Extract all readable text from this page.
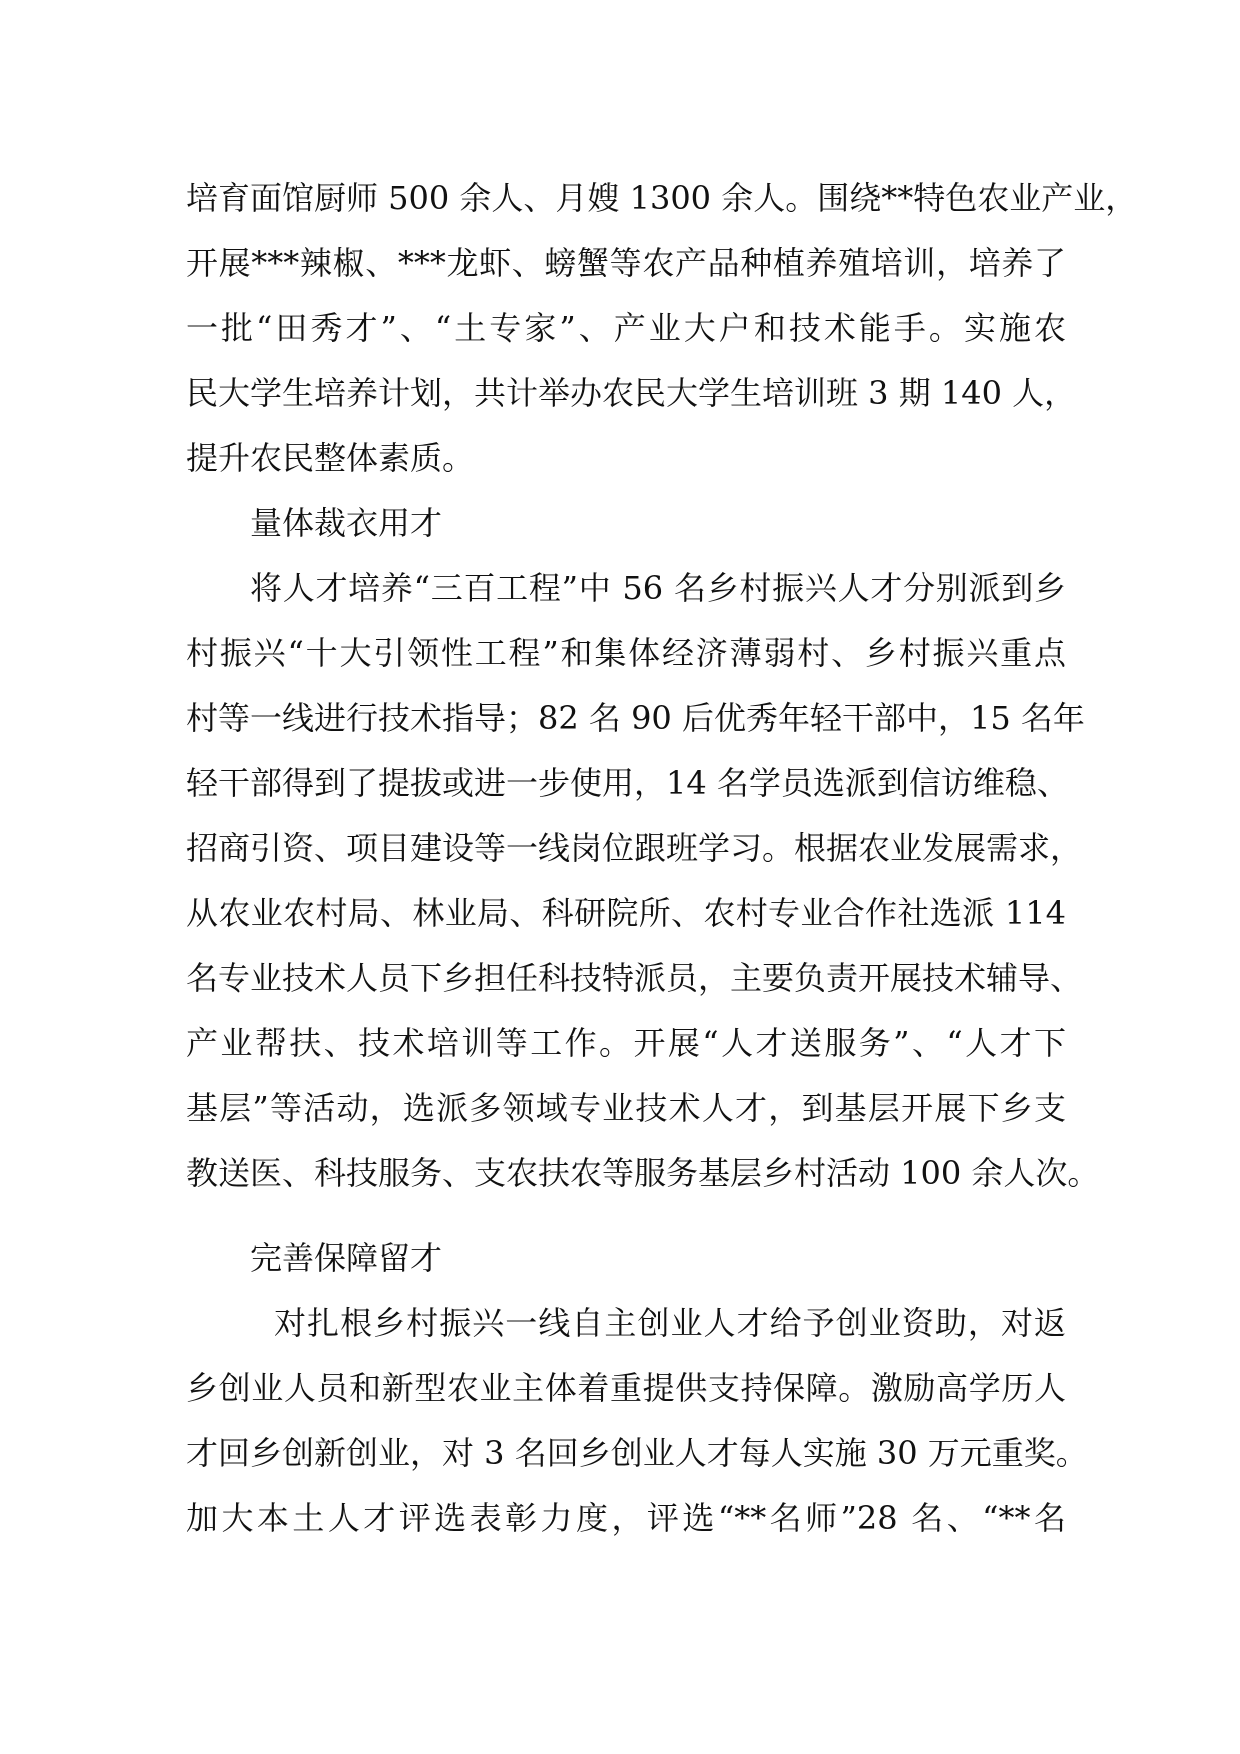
培育面馆厨师 500 余人、月嫂 1300 余人。围绕**特色农业产业，
开展***辣椒、***龙虾、螃蟹等农产品种植养殖培训，培养了
一批“田秀才”、“土专家”、产业大户和技术能手。实施农
民大学生培养计划，共计举办农民大学生培训班 3 期 140 人，
提升农民整体素质。
量体裁衣用才
将人才培养“三百工程”中 56 名乡村振兴人才分别派到乡
村振兴“十大引领性工程”和集体经济薄弱村、乡村振兴重点
村等一线进行技术指导；82 名 90 后优秀年轻干部中，15 名年
轻干部得到了提拔或进一步使用，14 名学员选派到信访维稳、
招商引资、项目建设等一线岗位跟班学习。根据农业发展需求，
从农业农村局、林业局、科研院所、农村专业合作社选派 114
名专业技术人员下乡担任科技特派员，主要负责开展技术辅导、
产业帮扶、技术培训等工作。开展“人才送服务”、“人才下
基层”等活动，选派多领域专业技术人才，到基层开展下乡支
教送医、科技服务、支农扶农等服务基层乡村活动 100 余人次。
完善保障留才
对扎根乡村振兴一线自主创业人才给予创业资助，对返
乡创业人员和新型农业主体着重提供支持保障。激励高学历人
才回乡创新创业，对 3 名回乡创业人才每人实施 30 万元重奖。
加大本土人才评选表彰力度，评选“**名师”28 名、“**名
